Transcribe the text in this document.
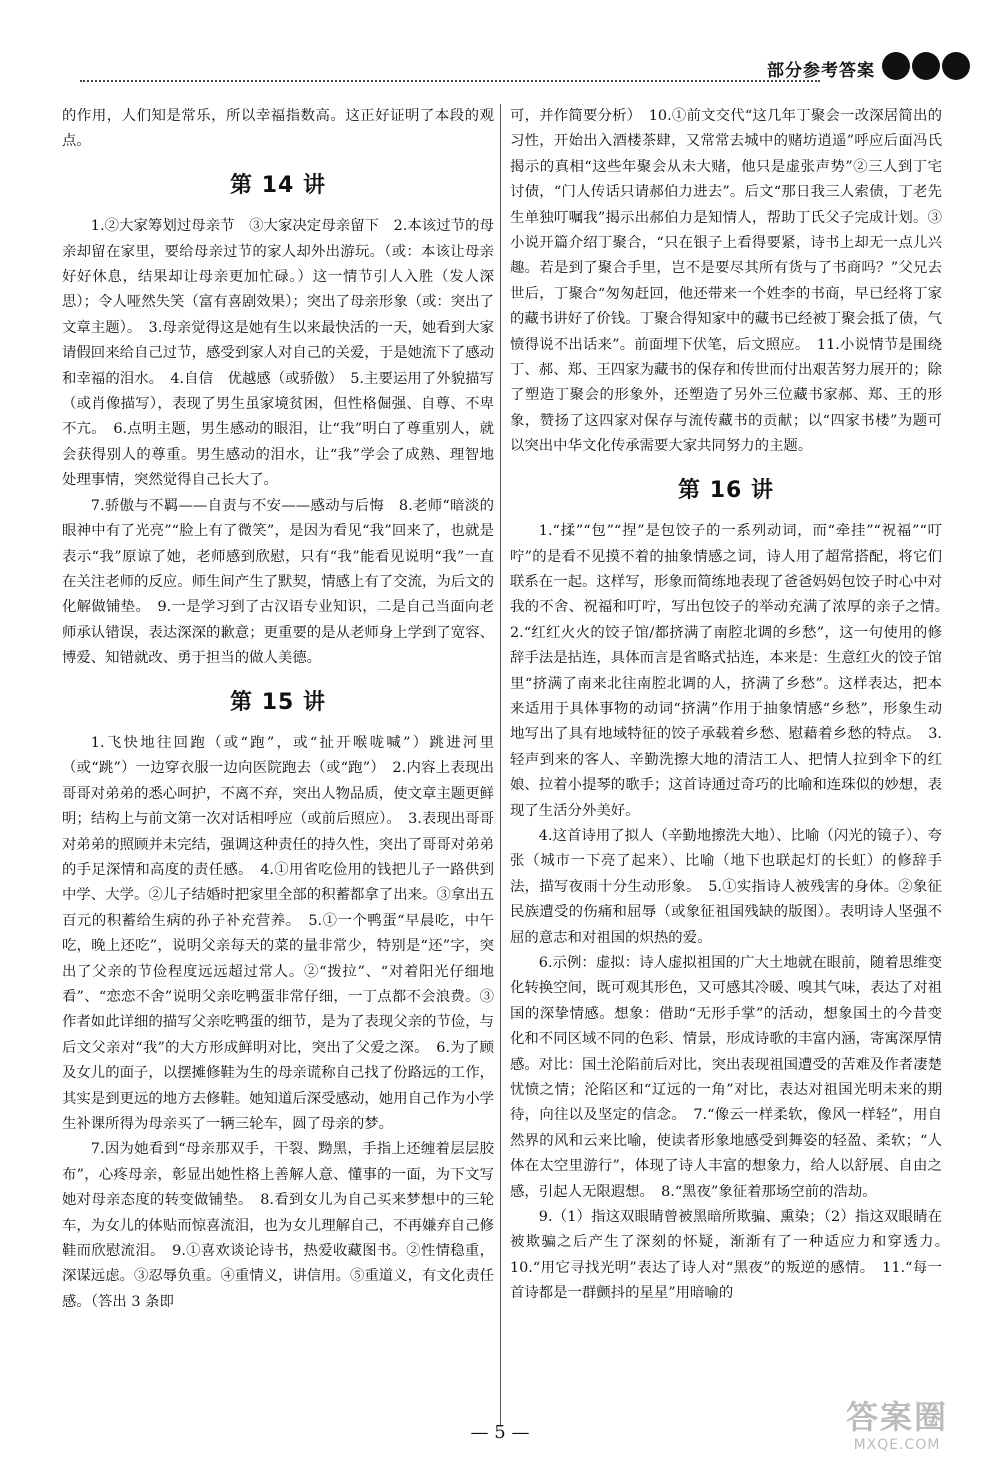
部分参考答案

的作用，人们知是常乐，所以幸福指数高。这正好证明了本段的观点。

第 14 讲

1.②大家筹划过母亲节　③大家决定母亲留下　2.本该过节的母亲却留在家里，要给母亲过节的家人却外出游玩。（或：本该让母亲好好休息，结果却让母亲更加忙碌。）这一情节引人入胜（发人深思）；令人哑然失笑（富有喜剧效果）；突出了母亲形象（或：突出了文章主题）。　3.母亲觉得这是她有生以来最快活的一天，她看到大家请假回来给自己过节，感受到家人对自己的关爱，于是她流下了感动和幸福的泪水。　4.自信　优越感（或骄傲）　5.主要运用了外貌描写（或肖像描写），表现了男生虽家境贫困，但性格倔强、自尊、不卑不亢。　6.点明主题，男生感动的眼泪，让“我”明白了尊重别人，就会获得别人的尊重。男生感动的泪水，让“我”学会了成熟、理智地处理事情，突然觉得自己长大了。

7.骄傲与不羁——自责与不安——感动与后悔　8.老师“暗淡的眼神中有了光亮”“脸上有了微笑”，是因为看见“我”回来了，也就是表示“我”原谅了她，老师感到欣慰，只有“我”能看见说明“我”一直在关注老师的反应。师生间产生了默契，情感上有了交流，为后文的化解做铺垫。　9.一是学习到了古汉语专业知识，二是自己当面向老师承认错误，表达深深的歉意；更重要的是从老师身上学到了宽容、博爱、知错就改、勇于担当的做人美德。

第 15 讲

1.飞快地往回跑（或“跑”，或“扯开喉咙喊”）跳进河里（或“跳”）一边穿衣服一边向医院跑去（或“跑”）　2.内容上表现出哥哥对弟弟的悉心呵护，不离不弃，突出人物品质，使文章主题更鲜明；结构上与前文第一次对话相呼应（或前后照应）。　3.表现出哥哥对弟弟的照顾并未完结，强调这种责任的持久性，突出了哥哥对弟弟的手足深情和高度的责任感。　4.①用省吃俭用的钱把儿子一路供到中学、大学。②儿子结婚时把家里全部的积蓄都拿了出来。③拿出五百元的积蓄给生病的孙子补充营养。　5.①一个鸭蛋“早晨吃，中午吃，晚上还吃”，说明父亲每天的菜的量非常少，特别是“还”字，突出了父亲的节俭程度远远超过常人。②“拨拉”、“对着阳光仔细地看”、“恋恋不舍”说明父亲吃鸭蛋非常仔细，一丁点都不会浪费。③作者如此详细的描写父亲吃鸭蛋的细节，是为了表现父亲的节俭，与后文父亲对“我”的大方形成鲜明对比，突出了父爱之深。　6.为了顾及女儿的面子，以摆摊修鞋为生的母亲谎称自己找了份路远的工作，其实是到更远的地方去修鞋。她知道后深受感动，她用自己作为小学生补课所得为母亲买了一辆三轮车，圆了母亲的梦。

7.因为她看到“母亲那双手，干裂、黝黑，手指上还缠着层层胶布”，心疼母亲，彰显出她性格上善解人意、懂事的一面，为下文写她对母亲态度的转变做铺垫。　8.看到女儿为自己买来梦想中的三轮车，为女儿的体贴而惊喜流泪，也为女儿理解自己，不再嫌弃自己修鞋而欣慰流泪。　9.①喜欢谈论诗书，热爱收藏图书。②性情稳重，深谋远虑。③忍辱负重。④重情义，讲信用。⑤重道义，有文化责任感。（答出 3 条即

可，并作简要分析）　10.①前文交代“这几年丁聚会一改深居简出的习性，开始出入酒楼茶肆，又常常去城中的赌坊逍遥”呼应后面冯氏揭示的真相“这些年聚会从未大赌，他只是虚张声势”②三人到丁宅讨债，“门人传话只请郝伯力进去”。后文“那日我三人索债，丁老先生单独叮嘱我”揭示出郝伯力是知情人，帮助丁氏父子完成计划。③小说开篇介绍丁聚合，“只在银子上看得要紧，诗书上却无一点儿兴趣。若是到了聚合手里，岂不是要尽其所有货与了书商吗？”父兄去世后，丁聚合“匆匆赶回，他还带来一个姓李的书商，早已经将丁家的藏书讲好了价钱。丁聚合得知家中的藏书已经被丁聚会抵了债，气愤得说不出话来”。前面埋下伏笔，后文照应。　11.小说情节是围绕丁、郝、郑、王四家为藏书的保存和传世而付出艰苦努力展开的；除了塑造丁聚会的形象外，还塑造了另外三位藏书家郝、郑、王的形象，赞扬了这四家对保存与流传藏书的贡献；以“四家书楼”为题可以突出中华文化传承需要大家共同努力的主题。

第 16 讲

1.“揉”“包”“捏”是包饺子的一系列动词，而“牵挂”“祝福”“叮咛”的是看不见摸不着的抽象情感之词，诗人用了超常搭配，将它们联系在一起。这样写，形象而简练地表现了爸爸妈妈包饺子时心中对我的不舍、祝福和叮咛，写出包饺子的举动充满了浓厚的亲子之情。　2.“红红火火的饺子馆/都挤满了南腔北调的乡愁”，这一句使用的修辞手法是拈连，具体而言是省略式拈连，本来是：生意红火的饺子馆里“挤满了南来北往南腔北调的人，挤满了乡愁”。这样表达，把本来适用于具体事物的动词“挤满”作用于抽象情感“乡愁”，形象生动地写出了具有地域特征的饺子承载着乡愁、慰藉着乡愁的特点。　3.轻声到来的客人、辛勤洗擦大地的清洁工人、把情人拉到伞下的红娘、拉着小提琴的歌手；这首诗通过奇巧的比喻和连珠似的妙想，表现了生活分外美好。

4.这首诗用了拟人（辛勤地擦洗大地）、比喻（闪光的镜子）、夸张（城市一下亮了起来）、比喻（地下也联起灯的长虹）的修辞手法，描写夜雨十分生动形象。　5.①实指诗人被残害的身体。②象征民族遭受的伤痛和屈辱（或象征祖国残缺的版图）。表明诗人坚强不屈的意志和对祖国的炽热的爱。

6.示例：虚拟：诗人虚拟祖国的广大土地就在眼前，随着思维变化转换空间，既可观其形色，又可感其冷暖、嗅其气味，表达了对祖国的深挚情感。想象：借助“无形手掌”的活动，想象国土的今昔变化和不同区域不同的色彩、情景，形成诗歌的丰富内涵，寄寓深厚情感。对比：国土沦陷前后对比，突出表现祖国遭受的苦难及作者凄楚忧愤之情；沦陷区和“辽远的一角”对比，表达对祖国光明未来的期待，向往以及坚定的信念。　7.“像云一样柔软，像风一样轻”，用自然界的风和云来比喻，使读者形象地感受到舞姿的轻盈、柔软；“人体在太空里游行”，体现了诗人丰富的想象力，给人以舒展、自由之感，引起人无限遐想。　8.“黑夜”象征着那场空前的浩劫。

9.（1）指这双眼睛曾被黑暗所欺骗、熏染；（2）指这双眼睛在被欺骗之后产生了深刻的怀疑，渐渐有了一种适应力和穿透力。　10.“用它寻找光明”表达了诗人对“黑夜”的叛逆的感情。　11.“每一首诗都是一群颤抖的星星”用暗喻的

— 5 —	答案圈
MXQE.COM
